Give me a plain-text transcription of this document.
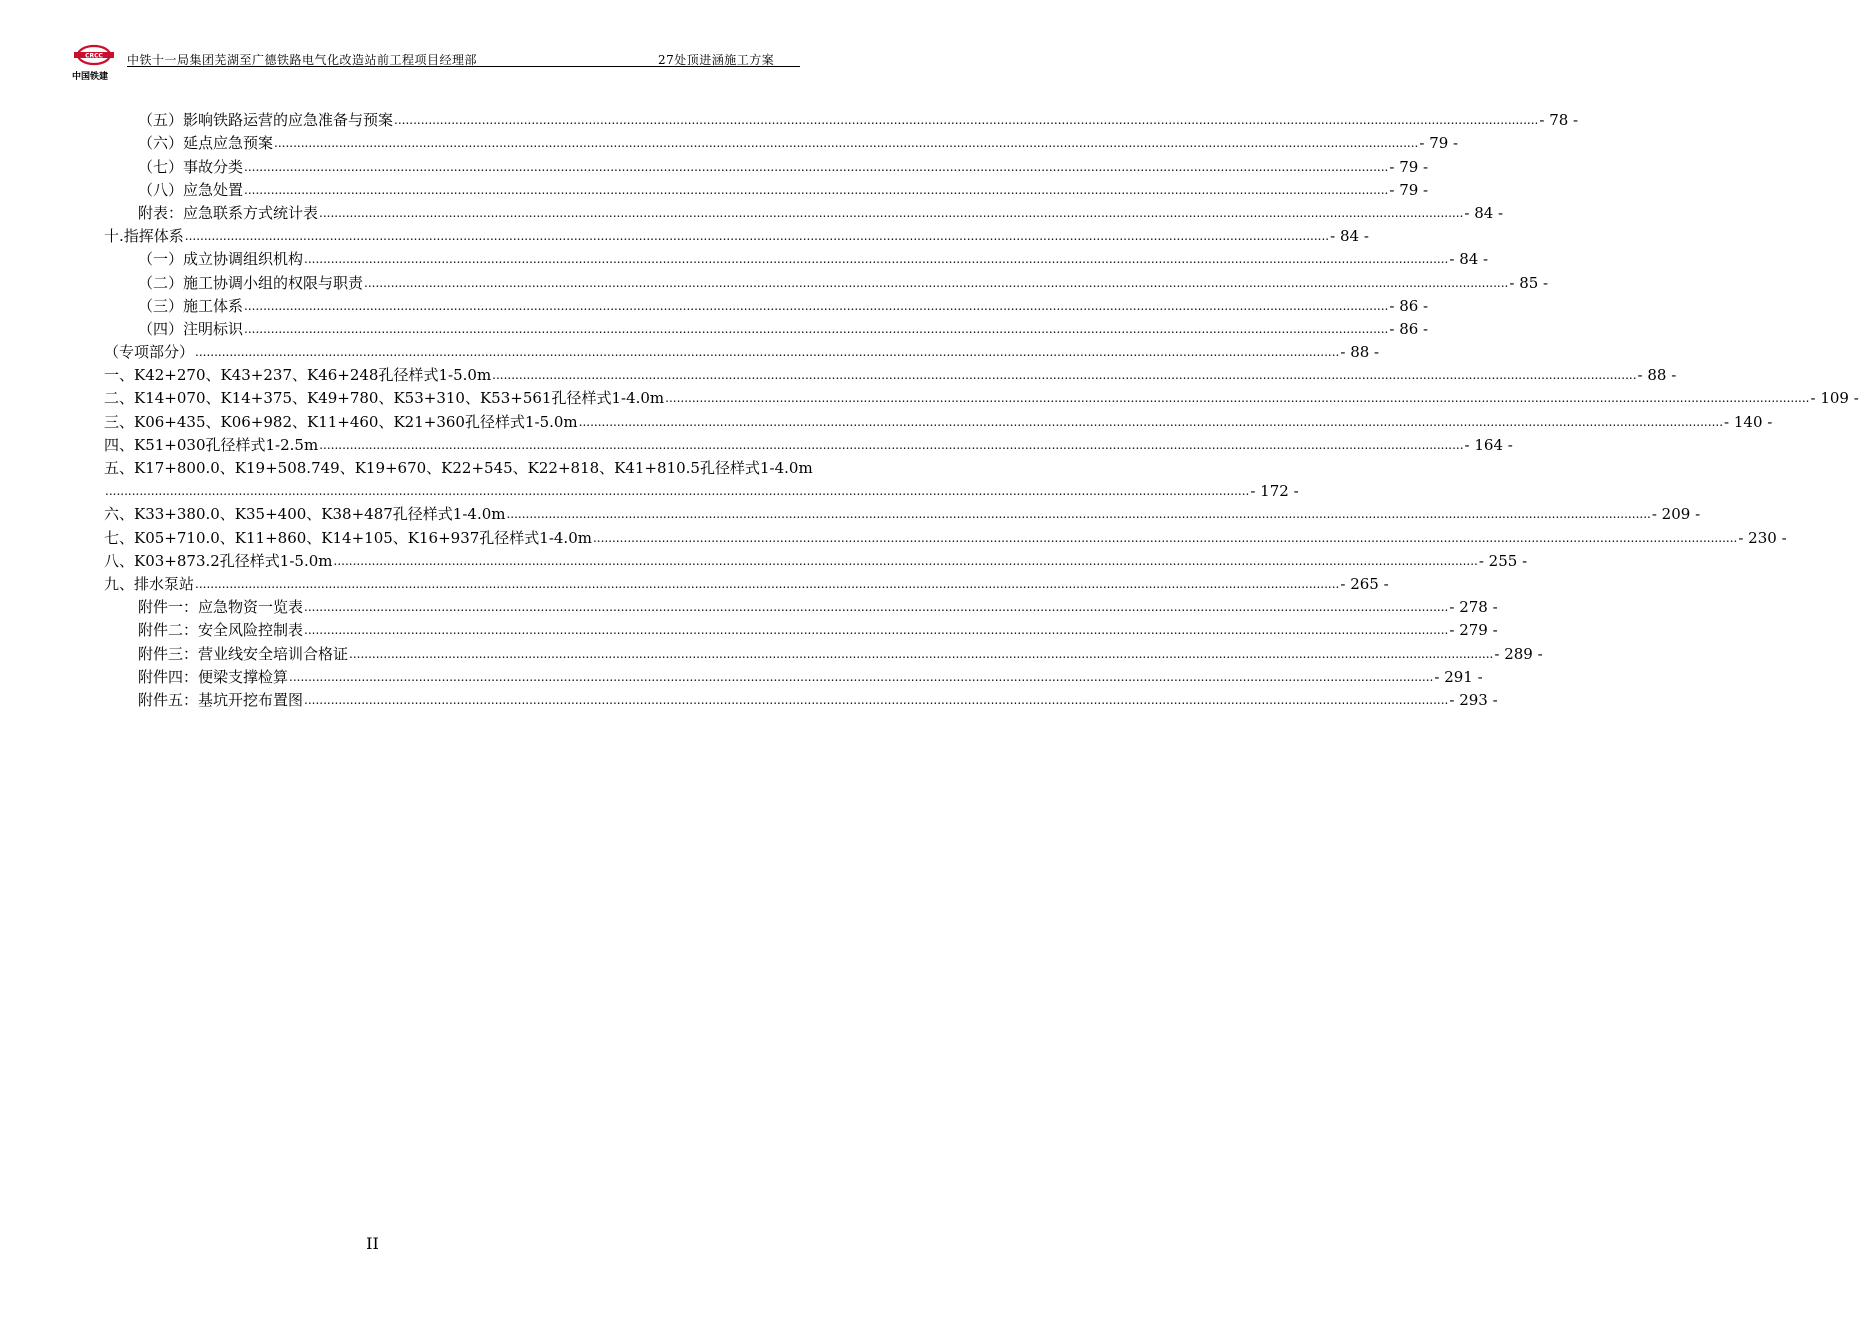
CRCC
中国铁建
中铁十一局集团芜湖至广德铁路电气化改造站前工程项目经理部	27处顶进涵施工方案
（五）影响铁路运营的应急准备与预案 ............................................................................................................................................................................................................................................................................................................ - 78 -
（六）延点应急预案 ............................................................................................................................................................................................................................................................................................................ - 79 -
（七）事故分类 ............................................................................................................................................................................................................................................................................................................ - 79 -
（八）应急处置 ............................................................................................................................................................................................................................................................................................................ - 79 -
附表：应急联系方式统计表 ............................................................................................................................................................................................................................................................................................................ - 84 -
十.指挥体系 ............................................................................................................................................................................................................................................................................................................ - 84 -
（一）成立协调组织机构 ............................................................................................................................................................................................................................................................................................................ - 84 -
（二）施工协调小组的权限与职责 ............................................................................................................................................................................................................................................................................................................ - 85 -
（三）施工体系 ............................................................................................................................................................................................................................................................................................................ - 86 -
（四）注明标识 ............................................................................................................................................................................................................................................................................................................ - 86 -
（专项部分） ............................................................................................................................................................................................................................................................................................................ - 88 -
一、K42+270、K43+237、K46+248孔径样式1-5.0m ............................................................................................................................................................................................................................................................................................................ - 88 -
二、K14+070、K14+375、K49+780、K53+310、K53+561孔径样式1-4.0m ............................................................................................................................................................................................................................................................................................................ - 109 -
三、K06+435、K06+982、K11+460、K21+360孔径样式1-5.0m ............................................................................................................................................................................................................................................................................................................ - 140 -
四、K51+030孔径样式1-2.5m ............................................................................................................................................................................................................................................................................................................ - 164 -
五、K17+800.0、K19+508.749、K19+670、K22+545、K22+818、K41+810.5孔径样式1-4.0m
............................................................................................................................................................................................................................................................................................................ - 172 -
六、K33+380.0、K35+400、K38+487孔径样式1-4.0m ............................................................................................................................................................................................................................................................................................................ - 209 -
七、K05+710.0、K11+860、K14+105、K16+937孔径样式1-4.0m ............................................................................................................................................................................................................................................................................................................ - 230 -
八、K03+873.2孔径样式1-5.0m ............................................................................................................................................................................................................................................................................................................ - 255 -
九、排水泵站 ............................................................................................................................................................................................................................................................................................................ - 265 -
附件一：应急物资一览表 ............................................................................................................................................................................................................................................................................................................ - 278 -
附件二：安全风险控制表 ............................................................................................................................................................................................................................................................................................................ - 279 -
附件三：营业线安全培训合格证 ............................................................................................................................................................................................................................................................................................................ - 289 -
附件四：便梁支撑检算 ............................................................................................................................................................................................................................................................................................................ - 291 -
附件五：基坑开挖布置图 ............................................................................................................................................................................................................................................................................................................ - 293 -
II
